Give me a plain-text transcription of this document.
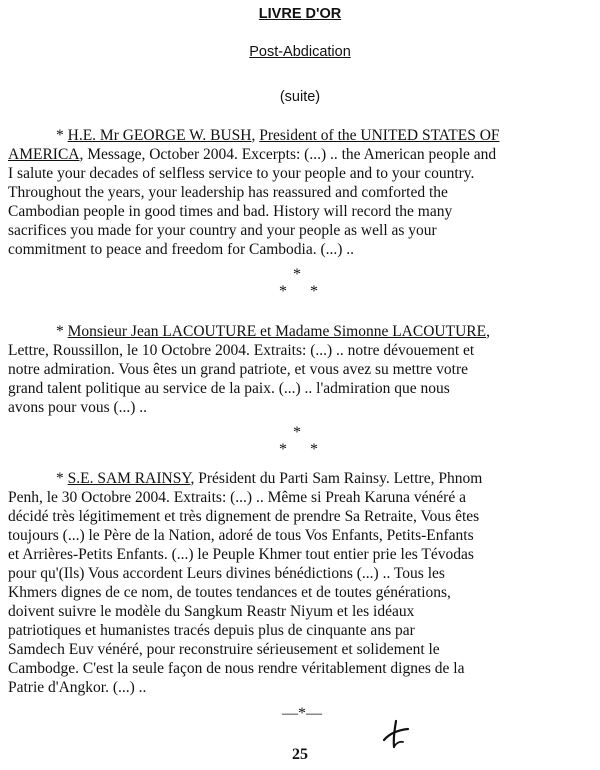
LIVRE D'OR
Post-Abdication
(suite)
* H.E. Mr GEORGE W. BUSH, President of the UNITED STATES OF
AMERICA, Message, October 2004. Excerpts: (...) .. the American people and
I salute your decades of selfless service to your people and to your country.
Throughout the years, your leadership has reassured and comforted the
Cambodian people in good times and bad. History will record the many
sacrifices you made for your country and your people as well as your
commitment to peace and freedom for Cambodia. (...) ..
*
* *
* Monsieur Jean LACOUTURE et Madame Simonne LACOUTURE,
Lettre, Roussillon, le 10 Octobre 2004. Extraits: (...) .. notre dévouement et
notre admiration. Vous êtes un grand patriote, et vous avez su mettre votre
grand talent politique au service de la paix. (...) .. l'admiration que nous
avons pour vous (...) ..
*
* *
* S.E. SAM RAINSY, Président du Parti Sam Rainsy. Lettre, Phnom
Penh, le 30 Octobre 2004. Extraits: (...) .. Même si Preah Karuna vénéré a
décidé très légitimement et très dignement de prendre Sa Retraite, Vous êtes
toujours (...) le Père de la Nation, adoré de tous Vos Enfants, Petits-Enfants
et Arrières-Petits Enfants. (...) le Peuple Khmer tout entier prie les Tévodas
pour qu'(Ils) Vous accordent Leurs divines bénédictions (...) .. Tous les
Khmers dignes de ce nom, de toutes tendances et de toutes générations,
doivent suivre le modèle du Sangkum Reastr Niyum et les idéaux
patriotiques et humanistes tracés depuis plus de cinquante ans par
Samdech Euv vénéré, pour reconstruire sérieusement et solidement le
Cambodge. C'est la seule façon de nous rendre véritablement dignes de la
Patrie d'Angkor. (...) ..
—*—
25
